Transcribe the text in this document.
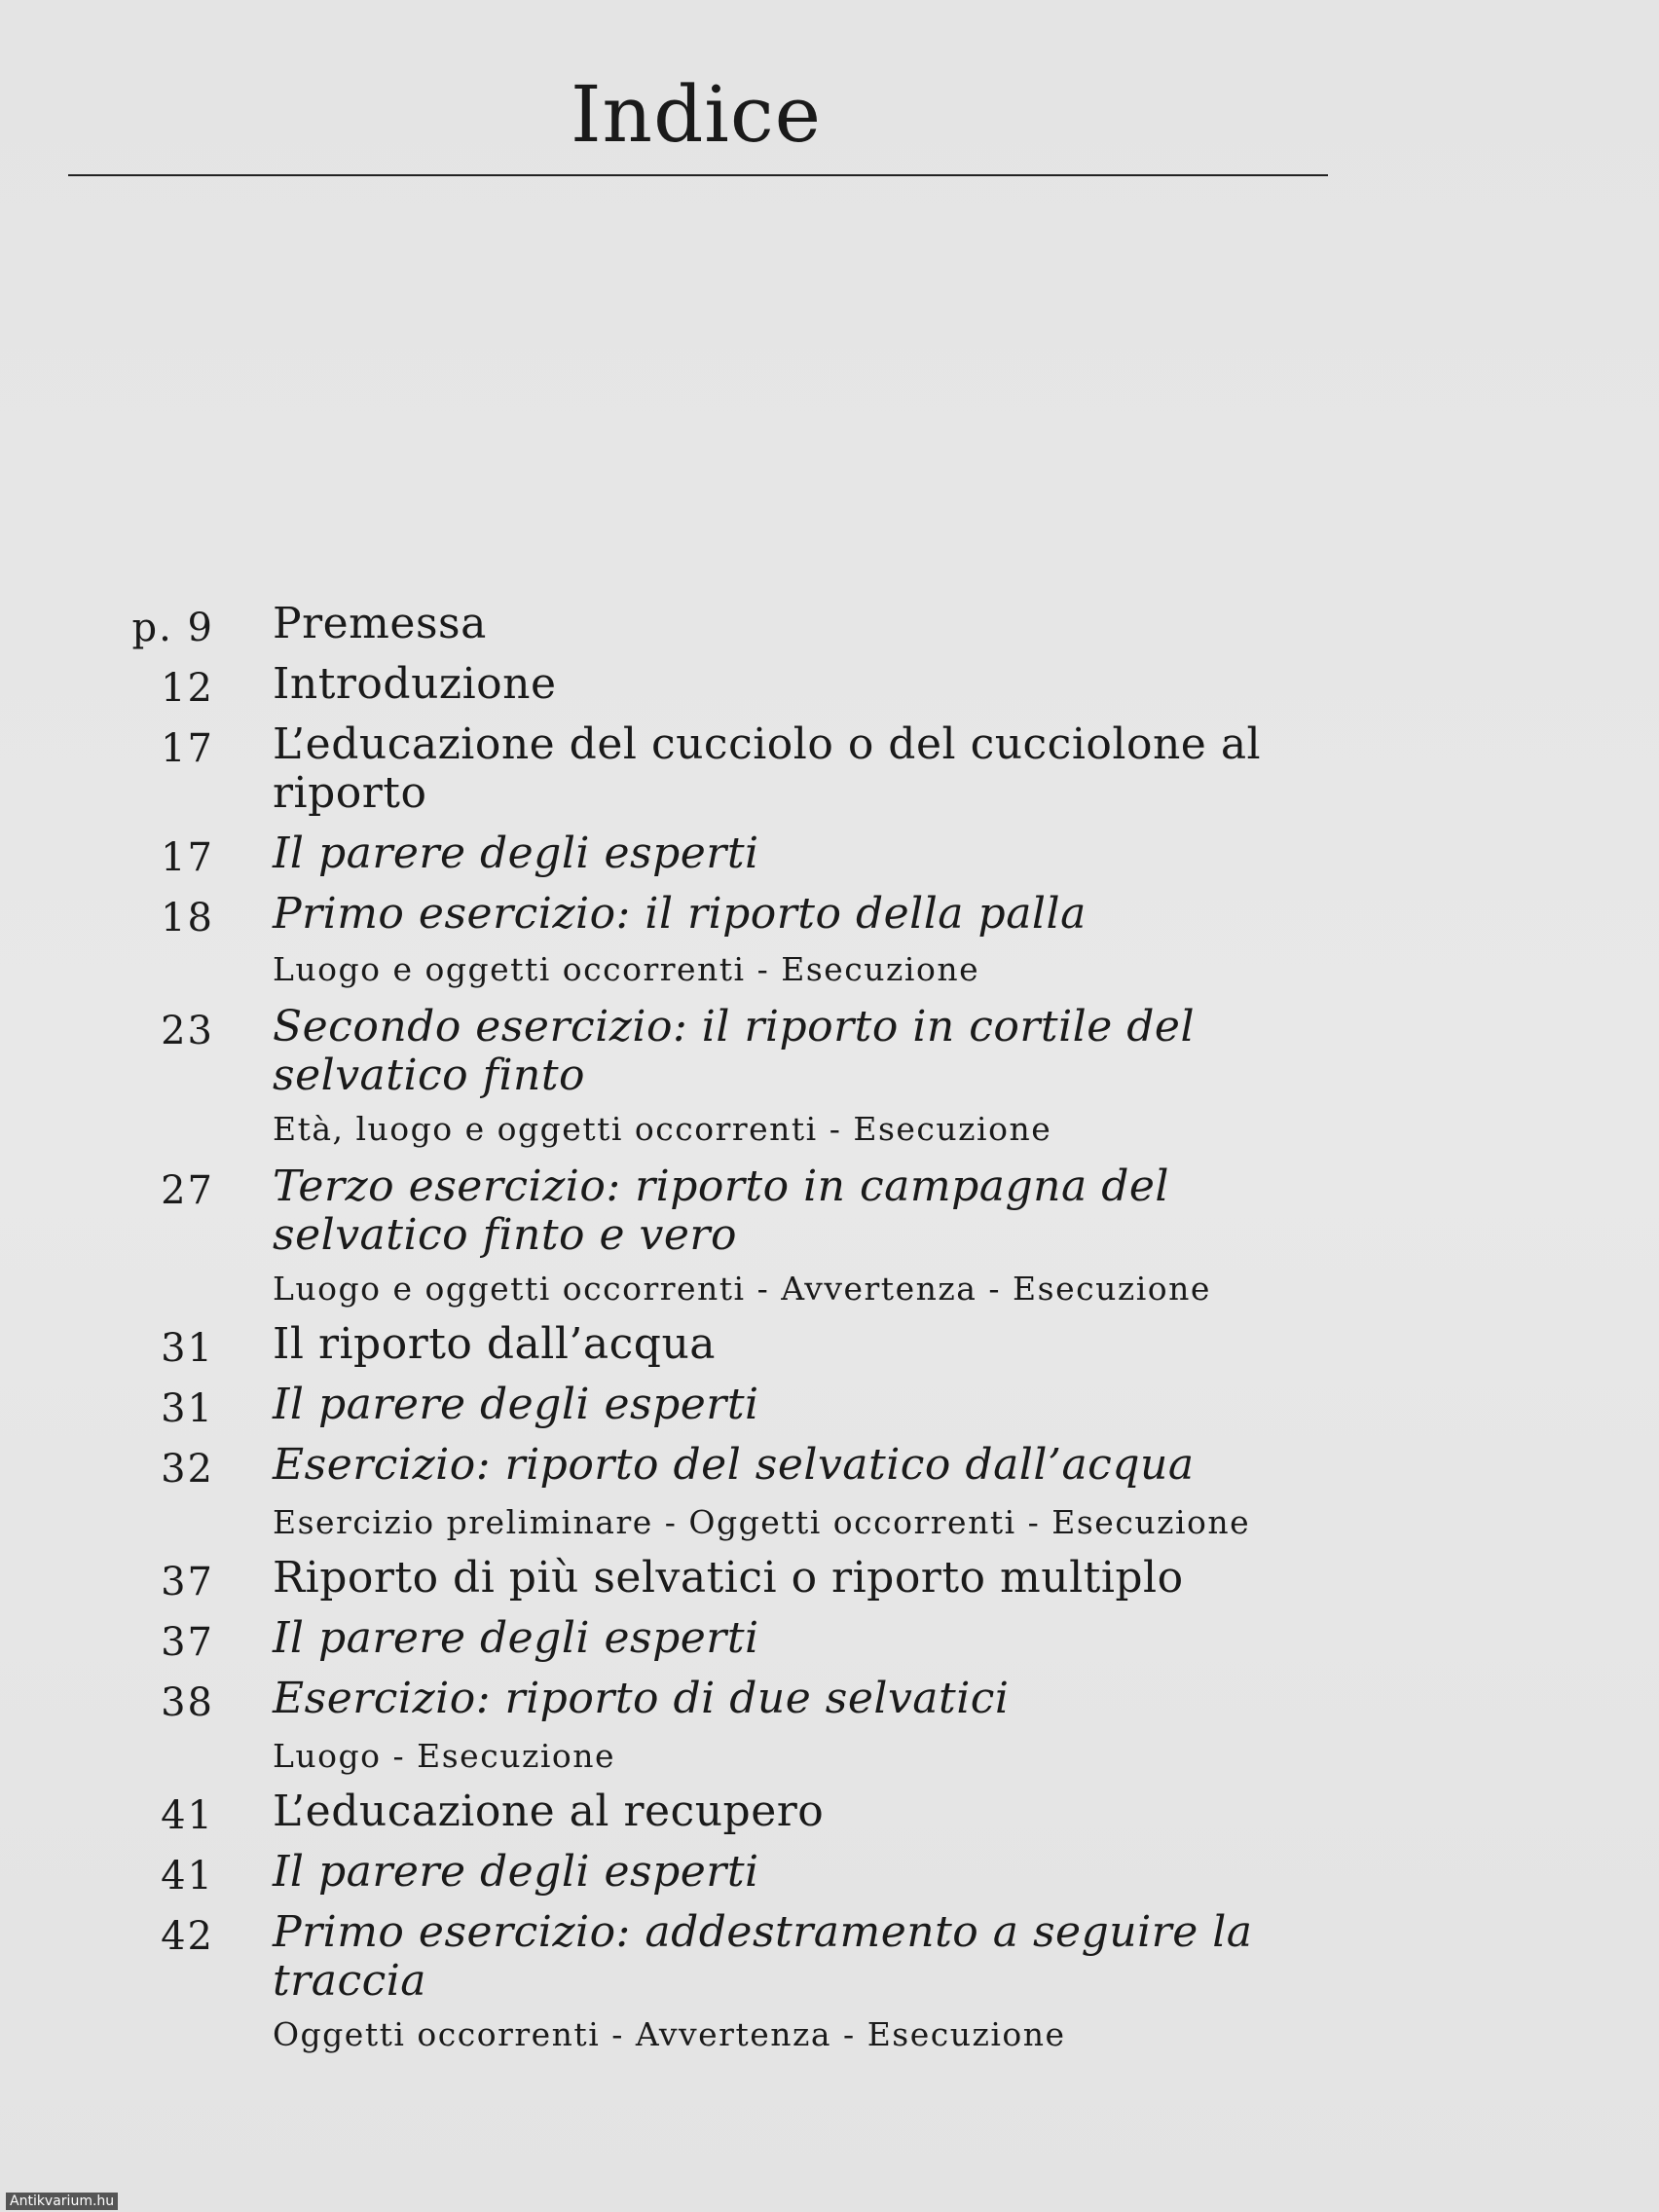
Indice
p. 9 Premessa
12 Introduzione
17 L’educazione del cucciolo o del cucciolone al riporto
17 Il parere degli esperti
18 Primo esercizio: il riporto della palla
Luogo e oggetti occorrenti - Esecuzione
23 Secondo esercizio: il riporto in cortile del selvatico finto
Età, luogo e oggetti occorrenti - Esecuzione
27 Terzo esercizio: riporto in campagna del selvatico finto e vero
Luogo e oggetti occorrenti - Avvertenza - Esecuzione
31 Il riporto dall’acqua
31 Il parere degli esperti
32 Esercizio: riporto del selvatico dall’acqua
Esercizio preliminare - Oggetti occorrenti - Esecuzione
37 Riporto di più selvatici o riporto multiplo
37 Il parere degli esperti
38 Esercizio: riporto di due selvatici
Luogo - Esecuzione
41 L’educazione al recupero
41 Il parere degli esperti
42 Primo esercizio: addestramento a seguire la traccia
Oggetti occorrenti - Avvertenza - Esecuzione
Antikvarium.hu
